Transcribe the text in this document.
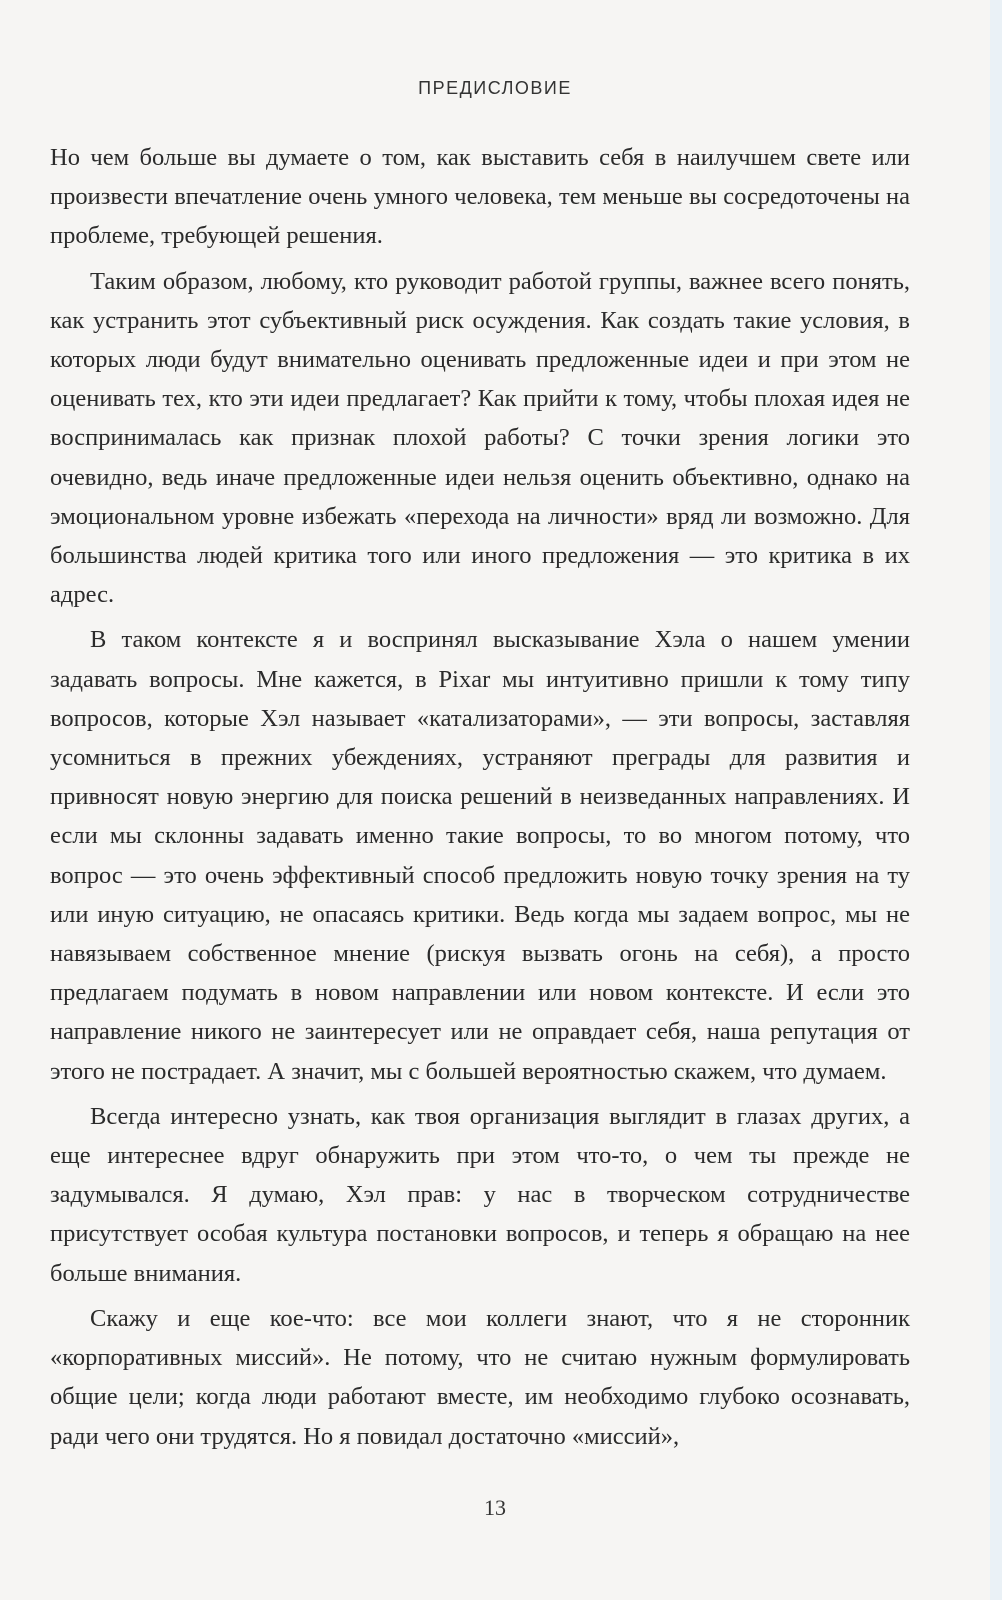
ПРЕДИСЛОВИЕ

Но чем больше вы думаете о том, как выставить себя в наилучшем свете или произвести впечатление очень умного человека, тем меньше вы сосредоточены на проблеме, требующей решения.

Таким образом, любому, кто руководит работой группы, важнее всего понять, как устранить этот субъективный риск осуждения. Как создать такие условия, в которых люди будут внимательно оценивать предложенные идеи и при этом не оценивать тех, кто эти идеи предлагает? Как прийти к тому, чтобы плохая идея не воспринималась как признак плохой работы? С точки зрения логики это очевидно, ведь иначе предложенные идеи нельзя оценить объективно, однако на эмоциональном уровне избежать «перехода на личности» вряд ли возможно. Для большинства людей критика того или иного предложения — это критика в их адрес.

В таком контексте я и воспринял высказывание Хэла о нашем умении задавать вопросы. Мне кажется, в Pixar мы интуитивно пришли к тому типу вопросов, которые Хэл называет «катализаторами», — эти вопросы, заставляя усомниться в прежних убеждениях, устраняют преграды для развития и привносят новую энергию для поиска решений в неизведанных направлениях. И если мы склонны задавать именно такие вопросы, то во многом потому, что вопрос — это очень эффективный способ предложить новую точку зрения на ту или иную ситуацию, не опасаясь критики. Ведь когда мы задаем вопрос, мы не навязываем собственное мнение (рискуя вызвать огонь на себя), а просто предлагаем подумать в новом направлении или новом контексте. И если это направление никого не заинтересует или не оправдает себя, наша репутация от этого не пострадает. А значит, мы с большей вероятностью скажем, что думаем.

Всегда интересно узнать, как твоя организация выглядит в глазах других, а еще интереснее вдруг обнаружить при этом что-то, о чем ты прежде не задумывался. Я думаю, Хэл прав: у нас в творческом сотрудничестве присутствует особая культура постановки вопросов, и теперь я обращаю на нее больше внимания.

Скажу и еще кое-что: все мои коллеги знают, что я не сторонник «корпоративных миссий». Не потому, что не считаю нужным формулировать общие цели; когда люди работают вместе, им необходимо глубоко осознавать, ради чего они трудятся. Но я повидал достаточно «миссий»,

13
